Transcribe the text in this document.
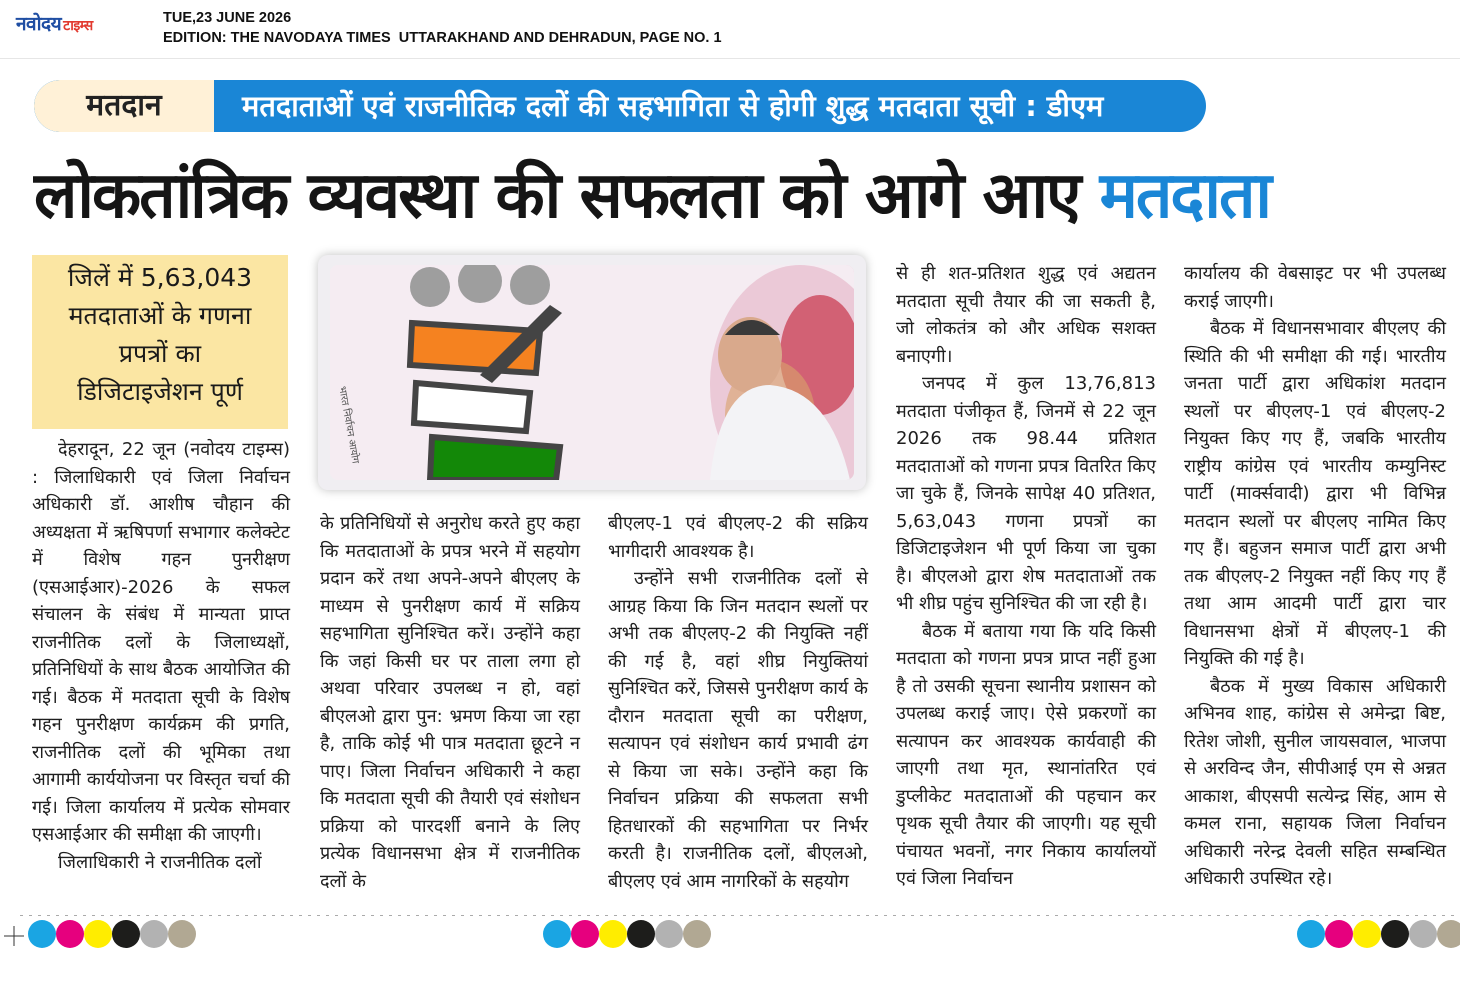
नवोदय टाइम्स	TUE,23 JUNE 2026
EDITION: THE NAVODAYA TIMES  UTTARAKHAND AND DEHRADUN, PAGE NO. 1
मतदान	मतदाताओं एवं राजनीतिक दलों की सहभागिता से होगी शुद्ध मतदाता सूची : डीएम
लोकतांत्रिक व्यवस्था की सफलता को आगे आए मतदाता
जिलें में 5,63,043
मतदाताओं के गणना
प्रपत्रों का
डिजिटाइजेशन पूर्ण	भारत निर्वाचन आयोग

देहरादून, 22 जून (नवोदय टाइम्स) : जिलाधिकारी एवं जिला निर्वाचन अधिकारी डॉ. आशीष चौहान की अध्यक्षता में ऋषिपर्णा सभागार कलेक्टेट में विशेष गहन पुनरीक्षण (एसआईआर)-2026 के सफल संचालन के संबंध में मान्यता प्राप्त राजनीतिक दलों के जिलाध्यक्षों, प्रतिनिधियों के साथ बैठक आयोजित की गई। बैठक में मतदाता सूची के विशेष गहन पुनरीक्षण कार्यक्रम की प्रगति, राजनीतिक दलों की भूमिका तथा आगामी कार्ययोजना पर विस्तृत चर्चा की गई। जिला कार्यालय में प्रत्येक सोमवार एसआईआर की समीक्षा की जाएगी।

जिलाधिकारी ने राजनीतिक दलों

के प्रतिनिधियों से अनुरोध करते हुए कहा कि मतदाताओं के प्रपत्र भरने में सहयोग प्रदान करें तथा अपने-अपने बीएलए के माध्यम से पुनरीक्षण कार्य में सक्रिय सहभागिता सुनिश्चित करें। उन्होंने कहा कि जहां किसी घर पर ताला लगा हो अथवा परिवार उपलब्ध न हो, वहां बीएलओ द्वारा पुन: भ्रमण किया जा रहा है, ताकि कोई भी पात्र मतदाता छूटने न पाए। जिला निर्वाचन अधिकारी ने कहा कि मतदाता सूची की तैयारी एवं संशोधन प्रक्रिया को पारदर्शी बनाने के लिए प्रत्येक विधानसभा क्षेत्र में राजनीतिक दलों के

बीएलए-1 एवं बीएलए-2 की सक्रिय भागीदारी आवश्यक है।

उन्होंने सभी राजनीतिक दलों से आग्रह किया कि जिन मतदान स्थलों पर अभी तक बीएलए-2 की नियुक्ति नहीं की गई है, वहां शीघ्र नियुक्तियां सुनिश्चित करें, जिससे पुनरीक्षण कार्य के दौरान मतदाता सूची का परीक्षण, सत्यापन एवं संशोधन कार्य प्रभावी ढंग से किया जा सके। उन्होंने कहा कि निर्वाचन प्रक्रिया की सफलता सभी हितधारकों की सहभागिता पर निर्भर करती है। राजनीतिक दलों, बीएलओ, बीएलए एवं आम नागरिकों के सहयोग

से ही शत-प्रतिशत शुद्ध एवं अद्यतन मतदाता सूची तैयार की जा सकती है, जो लोकतंत्र को और अधिक सशक्त बनाएगी।

जनपद में कुल 13,76,813 मतदाता पंजीकृत हैं, जिनमें से 22 जून 2026 तक 98.44 प्रतिशत मतदाताओं को गणना प्रपत्र वितरित किए जा चुके हैं, जिनके सापेक्ष 40 प्रतिशत, 5,63,043 गणना प्रपत्रों का डिजिटाइजेशन भी पूर्ण किया जा चुका है। बीएलओ द्वारा शेष मतदाताओं तक भी शीघ्र पहुंच सुनिश्चित की जा रही है।

बैठक में बताया गया कि यदि किसी मतदाता को गणना प्रपत्र प्राप्त नहीं हुआ है तो उसकी सूचना स्थानीय प्रशासन को उपलब्ध कराई जाए। ऐसे प्रकरणों का सत्यापन कर आवश्यक कार्यवाही की जाएगी तथा मृत, स्थानांतरित एवं डुप्लीकेट मतदाताओं की पहचान कर पृथक सूची तैयार की जाएगी। यह सूची पंचायत भवनों, नगर निकाय कार्यालयों एवं जिला निर्वाचन

कार्यालय की वेबसाइट पर भी उपलब्ध कराई जाएगी।

बैठक में विधानसभावार बीएलए की स्थिति की भी समीक्षा की गई। भारतीय जनता पार्टी द्वारा अधिकांश मतदान स्थलों पर बीएलए-1 एवं बीएलए-2 नियुक्त किए गए हैं, जबकि भारतीय राष्ट्रीय कांग्रेस एवं भारतीय कम्युनिस्ट पार्टी (मार्क्सवादी) द्वारा भी विभिन्न मतदान स्थलों पर बीएलए नामित किए गए हैं। बहुजन समाज पार्टी द्वारा अभी तक बीएलए-2 नियुक्त नहीं किए गए हैं तथा आम आदमी पार्टी द्वारा चार विधानसभा क्षेत्रों में बीएलए-1 की नियुक्ति की गई है।

बैठक में मुख्य विकास अधिकारी अभिनव शाह, कांग्रेस से अमेन्द्रा बिष्ट, रितेश जोशी, सुनील जायसवाल, भाजपा से अरविन्द जैन, सीपीआई एम से अन्नत आकाश, बीएसपी सत्येन्द्र सिंह, आम से कमल राना, सहायक जिला निर्वाचन अधिकारी नरेन्द्र देवली सहित सम्बन्धित अधिकारी उपस्थित रहे।
